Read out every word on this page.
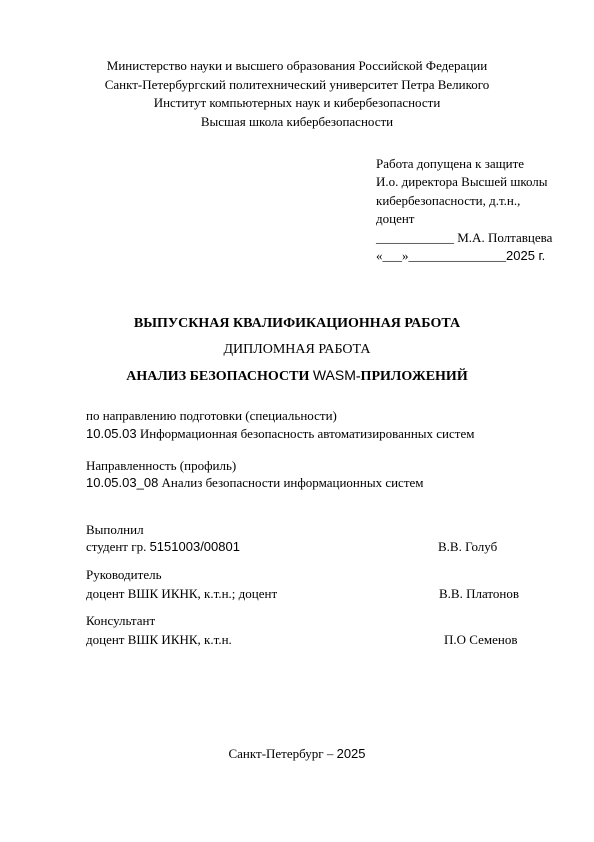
Министерство науки и высшего образования Российской Федерации
Санкт-Петербургский политехнический университет Петра Великого
Институт компьютерных наук и кибербезопасности
Высшая школа кибербезопасности
Работа допущена к защите
И.о. директора Высшей школы
кибербезопасности, д.т.н.,
доцент
____________ М.А. Полтавцева
«___»_______________2025 г.
ВЫПУСКНАЯ КВАЛИФИКАЦИОННАЯ РАБОТА
ДИПЛОМНАЯ РАБОТА
АНАЛИЗ БЕЗОПАСНОСТИ WASM-ПРИЛОЖЕНИЙ
по направлению подготовки (специальности)
10.05.03 Информационная безопасность автоматизированных систем
Направленность (профиль)
10.05.03_08 Анализ безопасности информационных систем
Выполнил
студент гр. 5151003/00801	В.В. Голуб
Руководитель
доцент ВШК ИКНК, к.т.н.; доцент	В.В. Платонов
Консультант
доцент ВШК ИКНК, к.т.н.	П.О Семенов
Санкт-Петербург – 2025
